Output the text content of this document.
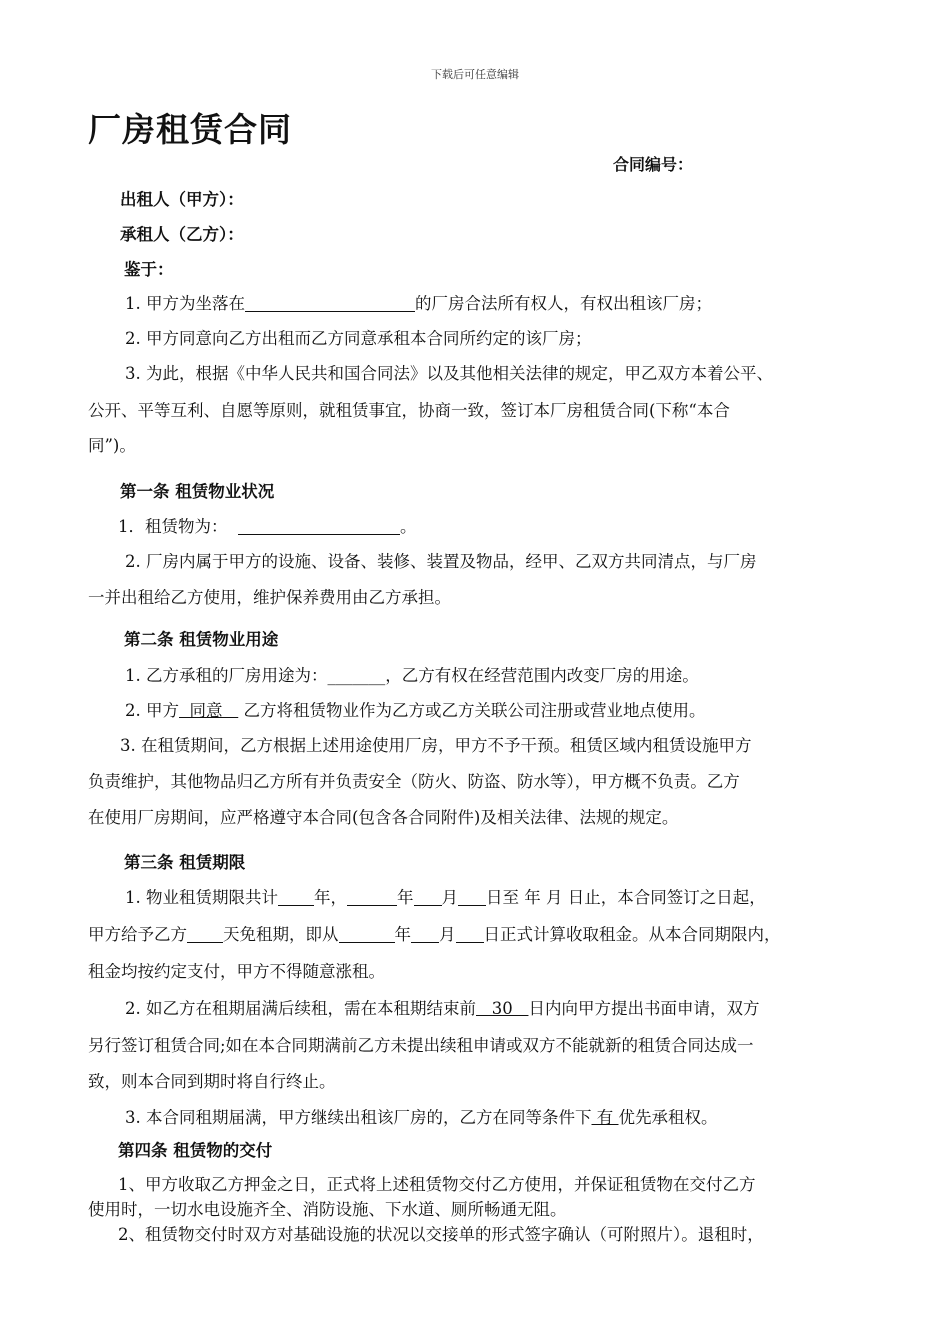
下载后可任意编辑
厂房租赁合同
合同编号：
出租人（甲方）：
承租人（乙方）：
鉴于：
1. 甲方为坐落在	的厂房合法所有权人，有权出租该厂房；
2. 甲方同意向乙方出租而乙方同意承租本合同所约定的该厂房；
3. 为此，根据《中华人民共和国合同法》以及其他相关法律的规定，甲乙双方本着公平、
公开、平等互利、自愿等原则，就租赁事宜，协商一致，签订本厂房租赁合同(下称“本合
同”)。
第一条 租赁物业状况
1．租赁物为：	。
2. 厂房内属于甲方的设施、设备、装修、装置及物品，经甲、乙双方共同清点，与厂房
一并出租给乙方使用，维护保养费用由乙方承担。
第二条 租赁物业用途
1. 乙方承租的厂房用途为：_______，乙方有权在经营范围内改变厂房的用途。
2. 甲方  同意    乙方将租赁物业作为乙方或乙方关联公司注册或营业地点使用。
3. 在租赁期间，乙方根据上述用途使用厂房，甲方不予干预。租赁区域内租赁设施甲方
负责维护，其他物品归乙方所有并负责安全（防火、防盗、防水等），甲方概不负责。乙方
在使用厂房期间，应严格遵守本合同(包含各合同附件)及相关法律、法规的规定。
第三条 租赁期限
1. 物业租赁期限共计 年，	年 月 日至 年 月 日止，本合同签订之日起，
甲方给予乙方 天免租期，即从	年 月 日正式计算收取租金。从本合同期限内，
租金均按约定支付，甲方不得随意涨租。
2. 如乙方在租期届满后续租，需在本租期结束前   30   日内向甲方提出书面申请，双方
另行签订租赁合同;如在本合同期满前乙方未提出续租申请或双方不能就新的租赁合同达成一
致，则本合同到期时将自行终止。
3. 本合同租期届满，甲方继续出租该厂房的，乙方在同等条件下 有 优先承租权。
第四条 租赁物的交付
1、甲方收取乙方押金之日，正式将上述租赁物交付乙方使用，并保证租赁物在交付乙方
使用时，一切水电设施齐全、消防设施、下水道、厕所畅通无阻。
2、租赁物交付时双方对基础设施的状况以交接单的形式签字确认（可附照片）。退租时，
